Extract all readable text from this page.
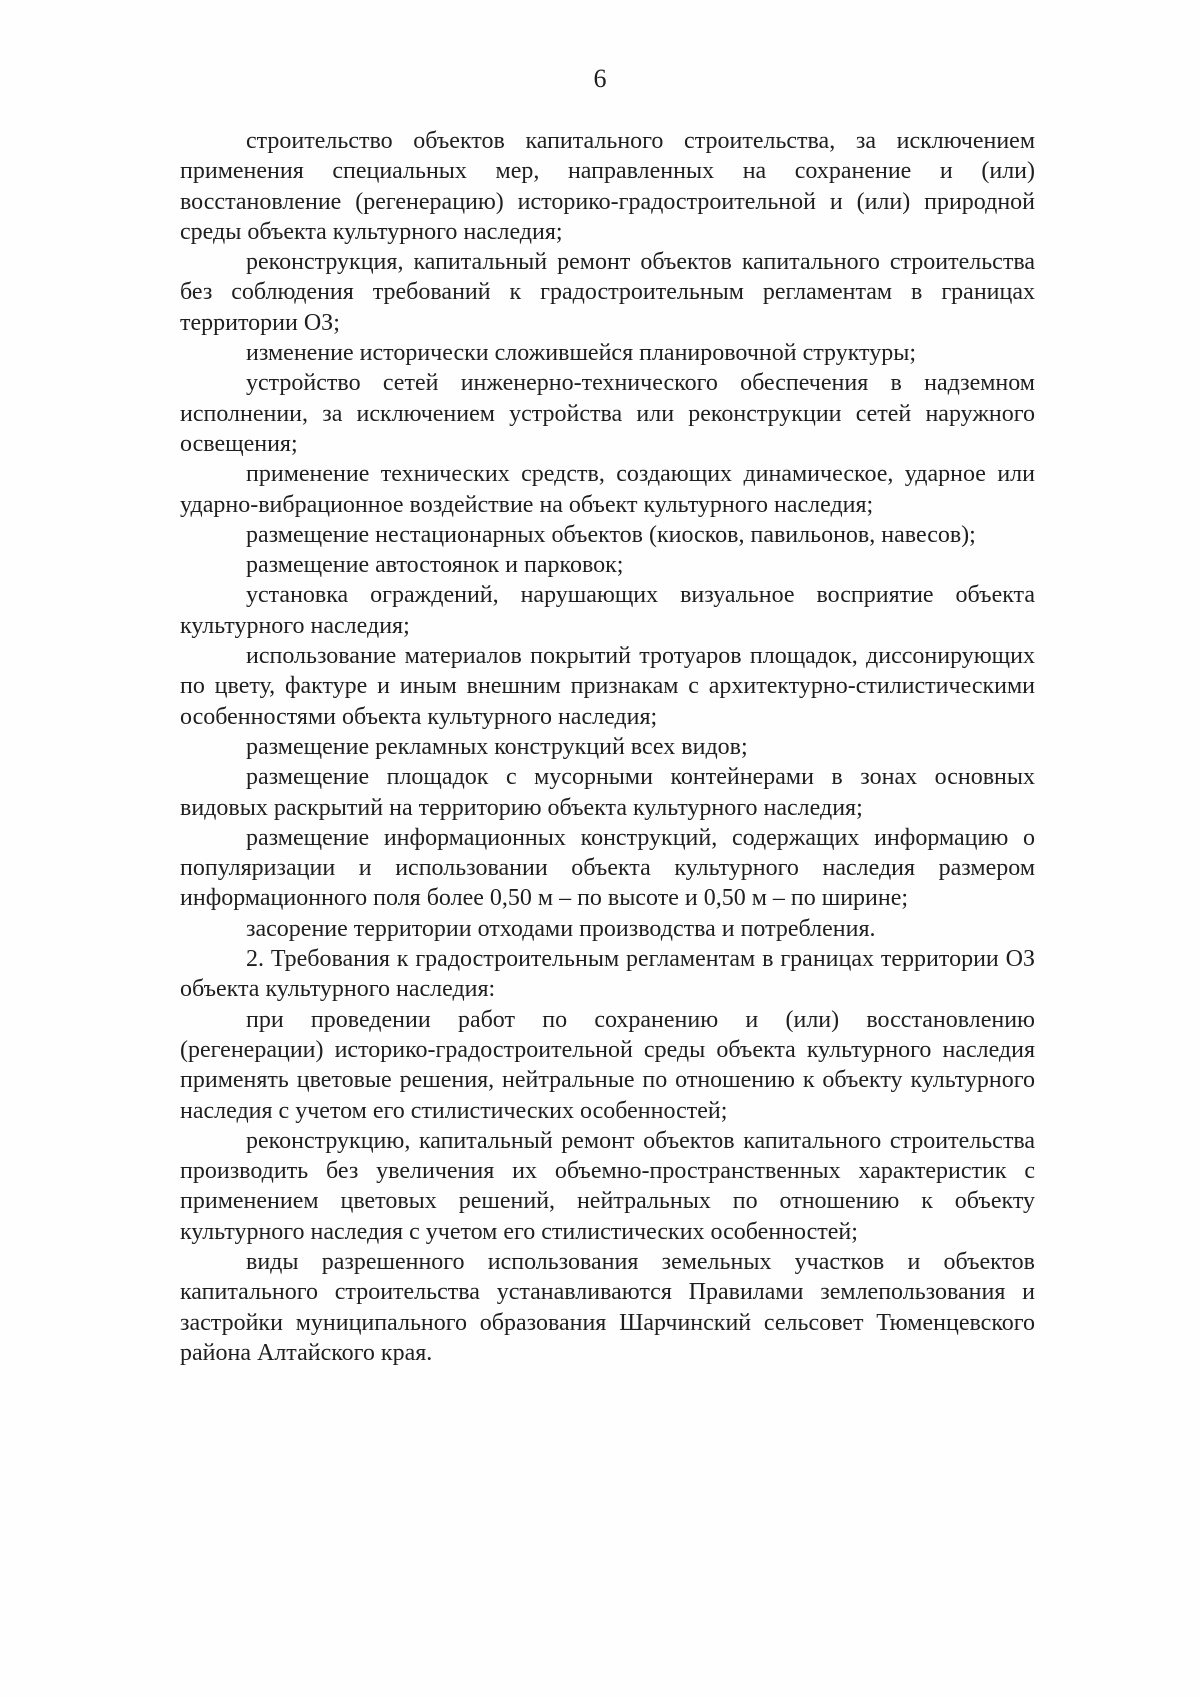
6

строительство объектов капитального строительства, за исключением применения специальных мер, направленных на сохранение и (или) восстановление (регенерацию) историко-градостроительной и (или) природной среды объекта культурного наследия;

реконструкция, капитальный ремонт объектов капитального строительства без соблюдения требований к градостроительным регламентам в границах территории ОЗ;

изменение исторически сложившейся планировочной структуры;

устройство сетей инженерно-технического обеспечения в надземном исполнении, за исключением устройства или реконструкции сетей наружного освещения;

применение технических средств, создающих динамическое, ударное или ударно-вибрационное воздействие на объект культурного наследия;

размещение нестационарных объектов (киосков, павильонов, навесов);

размещение автостоянок и парковок;

установка ограждений, нарушающих визуальное восприятие объекта культурного наследия;

использование материалов покрытий тротуаров площадок, диссонирующих по цвету, фактуре и иным внешним признакам с архитектурно-стилистическими особенностями объекта культурного наследия;

размещение рекламных конструкций всех видов;

размещение площадок с мусорными контейнерами в зонах основных видовых раскрытий на территорию объекта культурного наследия;

размещение информационных конструкций, содержащих информацию о популяризации и использовании объекта культурного наследия размером информационного поля более 0,50 м – по высоте и 0,50 м – по ширине;

засорение территории отходами производства и потребления.

2. Требования к градостроительным регламентам в границах территории ОЗ объекта культурного наследия:

при проведении работ по сохранению и (или) восстановлению (регенерации) историко-градостроительной среды объекта культурного наследия применять цветовые решения, нейтральные по отношению к объекту культурного наследия с учетом его стилистических особенностей;

реконструкцию, капитальный ремонт объектов капитального строительства производить без увеличения их объемно-пространственных характеристик с применением цветовых решений, нейтральных по отношению к объекту культурного наследия с учетом его стилистических особенностей;

виды разрешенного использования земельных участков и объектов капитального строительства устанавливаются Правилами землепользования и застройки муниципального образования Шарчинский сельсовет Тюменцевского района Алтайского края.
